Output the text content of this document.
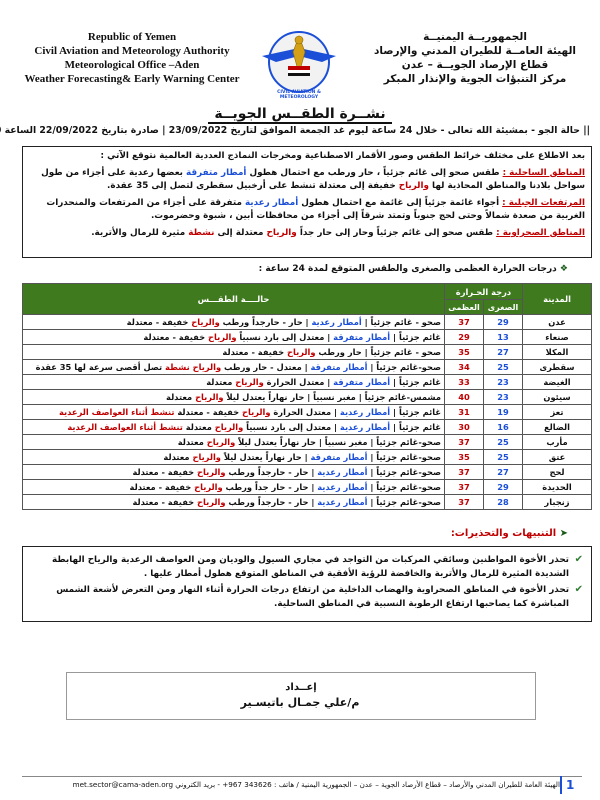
Republic of Yemen
Civil Aviation and Meteorology Authority
Meteorological Office –Aden
Weather Forecasting& Early Warning Center
CIVIL AVIATION & METEOROLOGY
الجمهوريــة اليمنيــة
الهيئة العامــة للطيران المدني والإرصاد
قطاع الإرصاد الجويــة – عدن
مركز التنبؤات الجوية والإنذار المبكر
نشــرة الطقــس الجويــة
|| حالة الجو - بمشيئة الله تعالى - خلال 24 ساعة ليوم غد الجمعة الموافق لتاريخ 23/09/2022 | صادرة بتاريخ 22/09/2022 الساعة

بعد الاطلاع على مختلف خرائط الطقس وصور الأقمار الاصطناعية ومخرجات النماذج العددية العالمية نتوقع الآتي :

المناطق الساحلية : طقس صحو إلى غائم جزئياً ، حار ورطب مع احتمال هطول أمطار متفرقة بعضها رعدية على أجزاء من طول سواحل بلادنا والمناطق المحاذية لها والرياح خفيفة إلى معتدلة تنشط على أرخبيل سقطرى لتصل إلى 35 عقدة.

المرتفعات الجبلية : أجواء غائمة جزئياً إلى غائمة مع احتمال هطول أمطار رعدية متفرقة على أجزاء من المرتفعات والمنحدرات الغربية من صعدة شمالاً وحتى لحج جنوباً وتمتد شرقاً إلى أجزاء من محافظات أبين ، شبوة وحضرموت.

المناطق الصحراوية : طقس صحو إلى غائم جزئياً وحار إلى حار جداً والرياح معتدلة إلى نشطة مثيرة للرمال والأتربة.

❖ درجات الحرارة العظمى والصغرى والطقس المتوقع لمدة 24 ساعة :
حالــــة الطقـــس	درجة الحـرارة		المدينة
	العظمى	الصغرى	
صحو - غائم جزئياً | أمطار رعدية | حار - حارجداً ورطب والرياح خفيفة - معتدلة	37	29	عدن
غائم جزئياً | أمطار متفرقة | معتدل إلى بارد نسبياً والرياح خفيفة - معتدلة	29	13	صنعاء
صحو - غائم جزئياً | حار ورطب والرياح خفيفة - معتدلة	35	27	المكلا
صحو-غائم جزئياً | أمطار متفرقة | معتدل - حار ورطب والرياح نشطة تصل أقصى سرعة لها 35 عقدة	34	25	سقطرى
غائم جزئياً | أمطار متفرقة | معتدل الحرارة والرياح معتدلة	33	23	الغيضة
مشمس-غائم جزئياً | مغبر نسبياً | حار نهاراً يعتدل ليلاً والرياح معتدلة	40	23	سيئون
غائم جزئياً | أمطار رعدية | معتدل الحرارة والرياح خفيفة - معتدلة تنشط أثناء العواصف الرعدية	31	19	تعز
غائم جزئياً | أمطار رعدية | معتدل إلى بارد نسبياً والرياح معتدلة تنشط أثناء العواصف الرعدية	30	16	الضالع
صحو-غائم جزئياً | مغبر نسبياً | حار نهاراً يعتدل ليلاً والرياح معتدلة	37	25	مأرب
صحو-غائم جزئياً | أمطار متفرقة | حار نهاراً يعتدل ليلاً والرياح معتدلة	35	25	عتق
صحو-غائم جزئياً | أمطار رعدية | حار - حارجداً ورطب والرياح خفيفة - معتدلة	37	27	لحج
صحو-غائم جزئياً | أمطار رعدية | حار - حار جداً ورطب والرياح خفيفة - معتدلة	37	29	الحديدة
صحو-غائم جزئياً | أمطار رعدية | حار - حارجداً ورطب والرياح خفيفة - معتدلة	37	28	زنجبار
➤ التنبيهات والتحذيرات:
✔
تحذر الأخوة المواطنين وسائقي المركبات من التواجد في مجاري السيول والوديان ومن العواصف الرعدية والرياح الهابطة الشديدة المثيرة للرمال والأتربة والخافضة للرؤية الأفقية في المناطق المتوقع هطول أمطار عليها .
✔
تحذر الأخوة في المناطق الصحراوية والهضاب الداخلية من ارتفاع درجات الحرارة أثناء النهار ومن التعرض لأشعة الشمس المباشرة كما يصاحبها ارتفاع الرطوبة النسبية في المناطق الساحلية.
إعــداد
م/علي جمـال باتيسـير
الهيئة العامة للطيران المدني والأرصاد – قطاع الأرصاد الجوية – عدن – الجمهورية اليمنية / هاتف : 343626 967+ - بريد الكتروني met.sector@cama-aden.org 1
